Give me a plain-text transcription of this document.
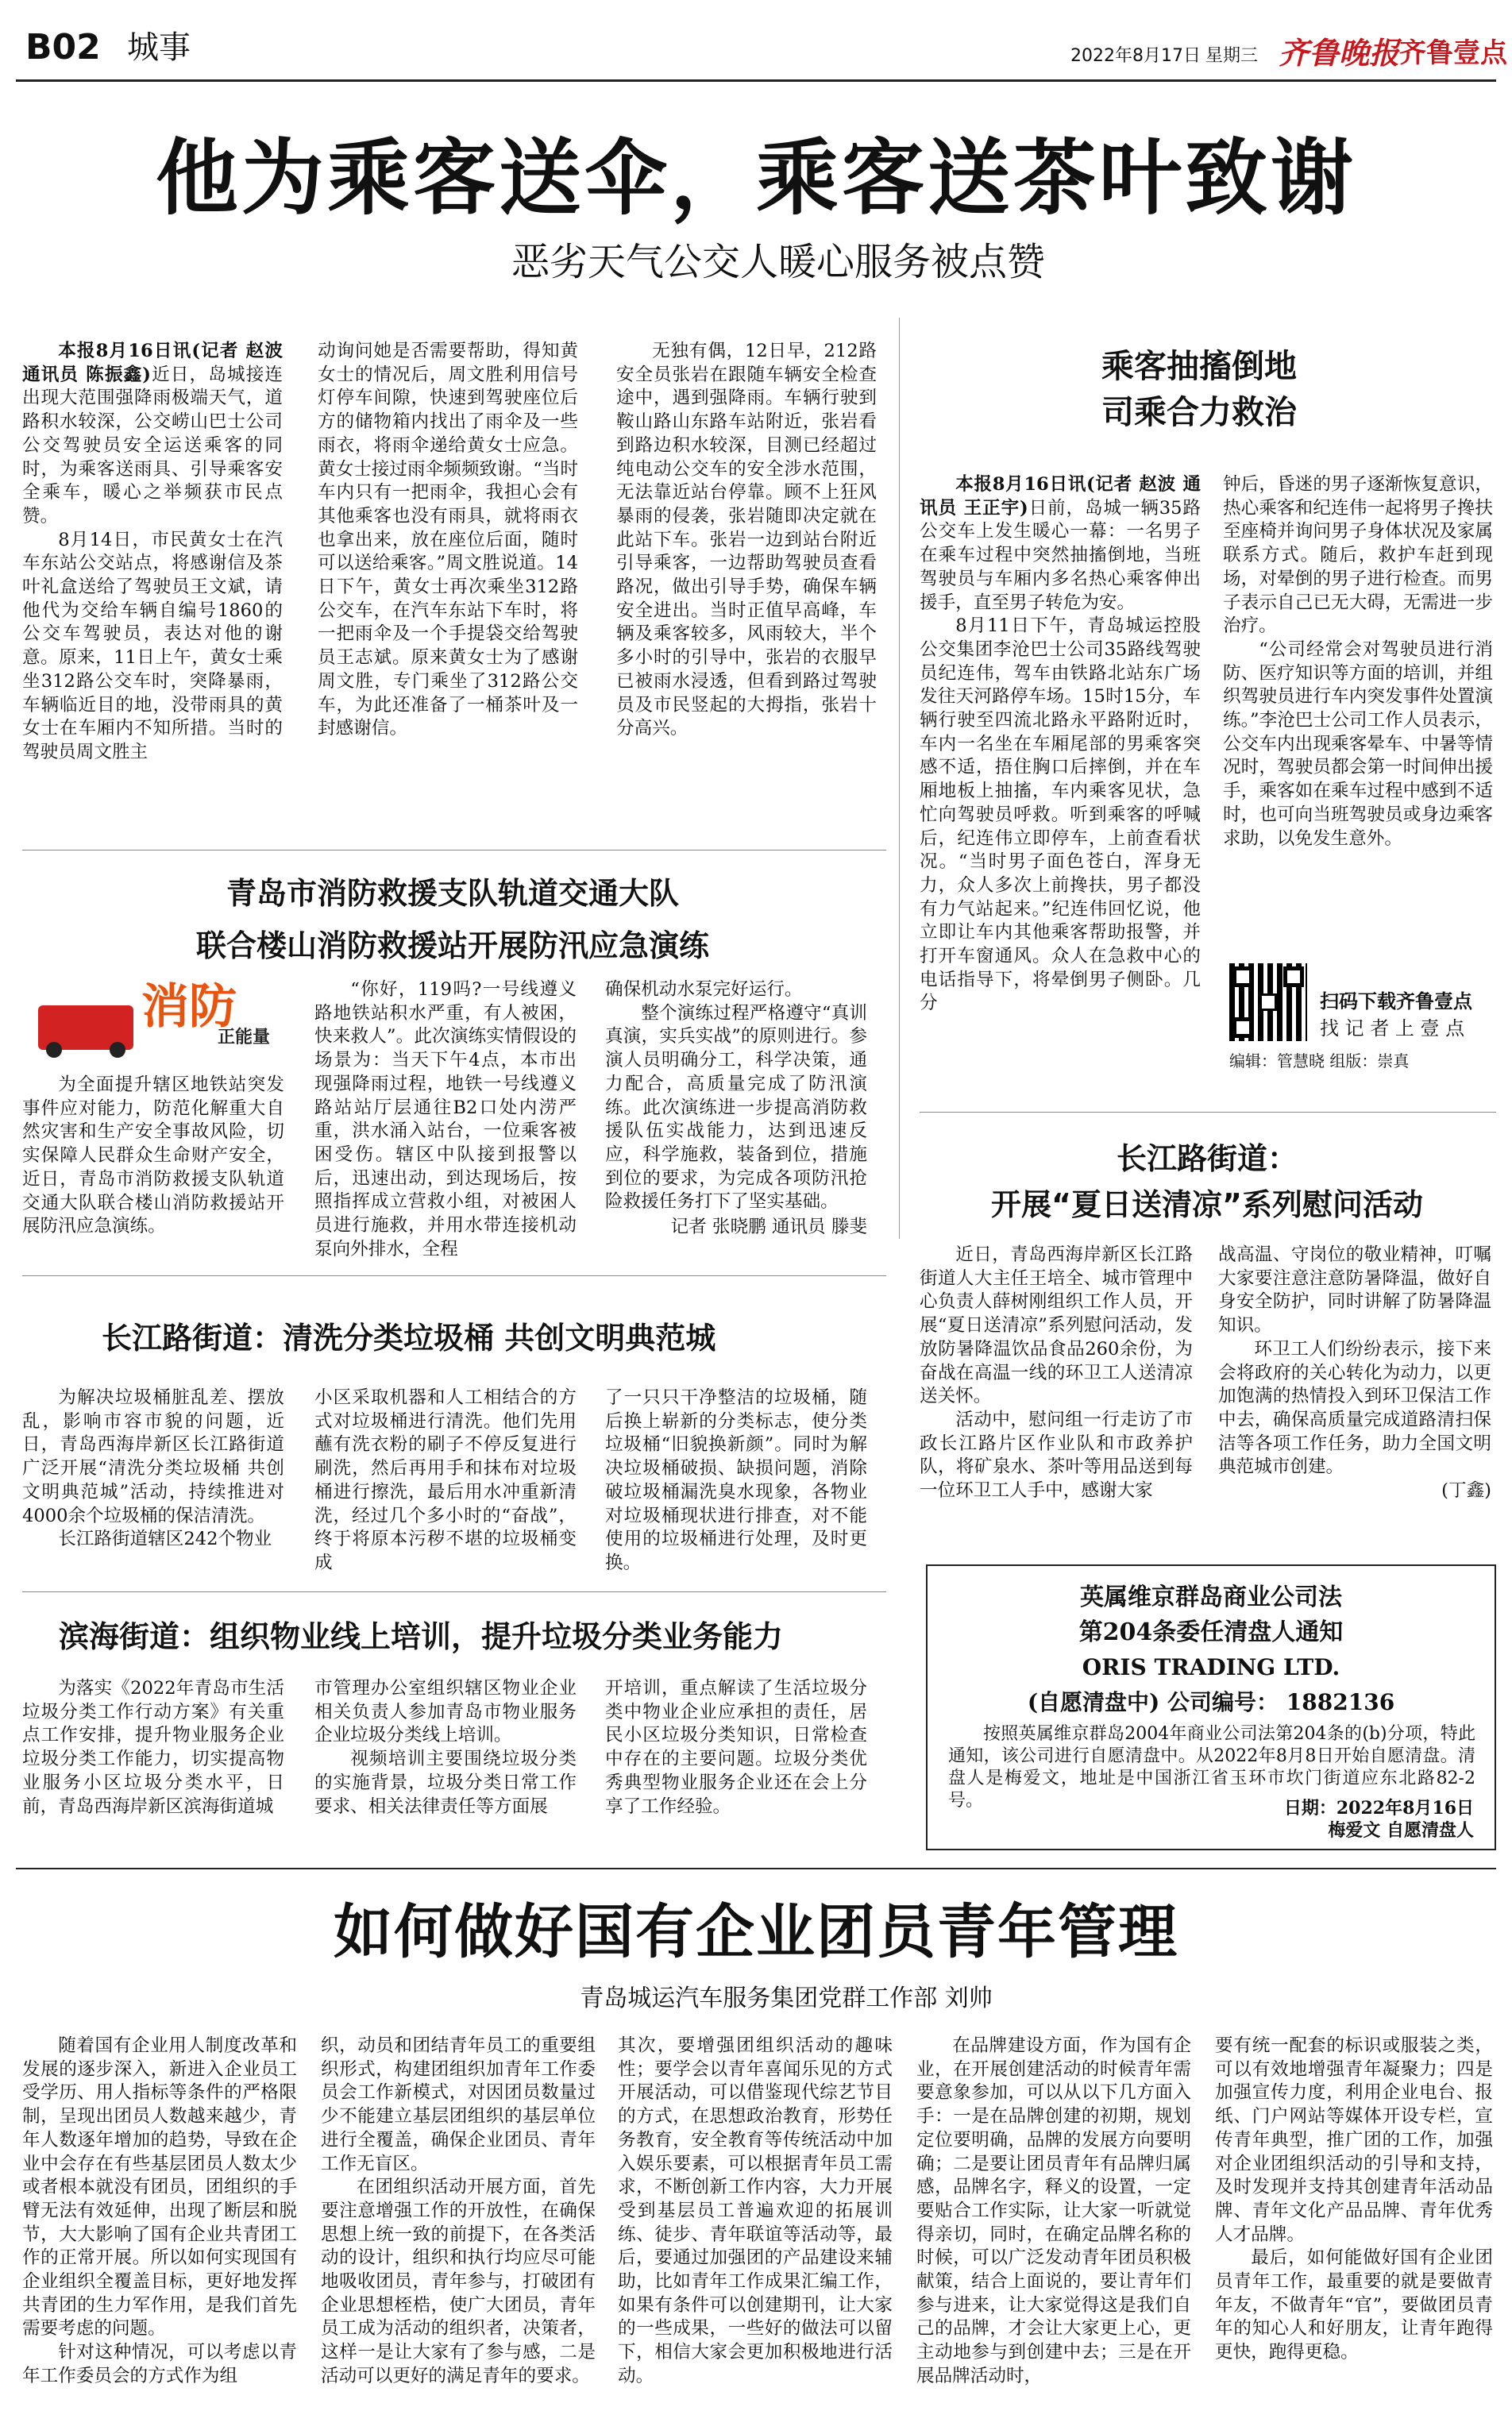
B02 城事	2022年8月17日 星期三 齐鲁晚报 齐鲁壹点
他为乘客送伞，乘客送茶叶致谢
恶劣天气公交人暖心服务被点赞

本报8月16日讯(记者 赵波 通讯员 陈振鑫)近日，岛城接连出现大范围强降雨极端天气，道路积水较深，公交崂山巴士公司公交驾驶员安全运送乘客的同时，为乘客送雨具、引导乘客安全乘车，暖心之举频获市民点赞。

8月14日，市民黄女士在汽车东站公交站点，将感谢信及茶叶礼盒送给了驾驶员王文斌，请他代为交给车辆自编号1860的公交车驾驶员，表达对他的谢意。原来，11日上午，黄女士乘坐312路公交车时，突降暴雨，车辆临近目的地，没带雨具的黄女士在车厢内不知所措。当时的驾驶员周文胜主

动询问她是否需要帮助，得知黄女士的情况后，周文胜利用信号灯停车间隙，快速到驾驶座位后方的储物箱内找出了雨伞及一些雨衣，将雨伞递给黄女士应急。黄女士接过雨伞频频致谢。“当时车内只有一把雨伞，我担心会有其他乘客也没有雨具，就将雨衣也拿出来，放在座位后面，随时可以送给乘客。”周文胜说道。14日下午，黄女士再次乘坐312路公交车，在汽车东站下车时，将一把雨伞及一个手提袋交给驾驶员王志斌。原来黄女士为了感谢周文胜，专门乘坐了312路公交车，为此还准备了一桶茶叶及一封感谢信。

无独有偶，12日早，212路安全员张岩在跟随车辆安全检查途中，遇到强降雨。车辆行驶到鞍山路山东路车站附近，张岩看到路边积水较深，目测已经超过纯电动公交车的安全涉水范围，无法靠近站台停靠。顾不上狂风暴雨的侵袭，张岩随即决定就在此站下车。张岩一边到站台附近引导乘客，一边帮助驾驶员查看路况，做出引导手势，确保车辆安全进出。当时正值早高峰，车辆及乘客较多，风雨较大，半个多小时的引导中，张岩的衣服早已被雨水浸透，但看到路过驾驶员及市民竖起的大拇指，张岩十分高兴。

乘客抽搐倒地
司乘合力救治

本报8月16日讯(记者 赵波 通讯员 王正宇)日前，岛城一辆35路公交车上发生暖心一幕：一名男子在乘车过程中突然抽搐倒地，当班驾驶员与车厢内多名热心乘客伸出援手，直至男子转危为安。

8月11日下午，青岛城运控股公交集团李沧巴士公司35路线驾驶员纪连伟，驾车由铁路北站东广场发往天河路停车场。15时15分，车辆行驶至四流北路永平路附近时，车内一名坐在车厢尾部的男乘客突感不适，捂住胸口后摔倒，并在车厢地板上抽搐，车内乘客见状，急忙向驾驶员呼救。听到乘客的呼喊后，纪连伟立即停车，上前查看状况。“当时男子面色苍白，浑身无力，众人多次上前搀扶，男子都没有力气站起来。”纪连伟回忆说，他立即让车内其他乘客帮助报警，并打开车窗通风。众人在急救中心的电话指导下，将晕倒男子侧卧。几分

钟后，昏迷的男子逐渐恢复意识，热心乘客和纪连伟一起将男子搀扶至座椅并询问男子身体状况及家属联系方式。随后，救护车赶到现场，对晕倒的男子进行检查。而男子表示自己已无大碍，无需进一步治疗。

“公司经常会对驾驶员进行消防、医疗知识等方面的培训，并组织驾驶员进行车内突发事件处置演练。”李沧巴士公司工作人员表示，公交车内出现乘客晕车、中暑等情况时，驾驶员都会第一时间伸出援手，乘客如在乘车过程中感到不适时，也可向当班驾驶员或身边乘客求助，以免发生意外。

扫码下载齐鲁壹点
找 记 者 上 壹 点
编辑：管慧晓 组版：崇真
青岛市消防救援支队轨道交通大队
联合楼山消防救援站开展防汛应急演练
消防
正能量

为全面提升辖区地铁站突发事件应对能力，防范化解重大自然灾害和生产安全事故风险，切实保障人民群众生命财产安全，近日，青岛市消防救援支队轨道交通大队联合楼山消防救援站开展防汛应急演练。

“你好，119吗?一号线遵义路地铁站积水严重，有人被困，快来救人”。此次演练实情假设的场景为：当天下午4点，本市出现强降雨过程，地铁一号线遵义路站站厅层通往B2口处内涝严重，洪水涌入站台，一位乘客被困受伤。辖区中队接到报警以后，迅速出动，到达现场后，按照指挥成立营救小组，对被困人员进行施救，并用水带连接机动泵向外排水，全程

确保机动水泵完好运行。

整个演练过程严格遵守“真训真演，实兵实战”的原则进行。参演人员明确分工，科学决策，通力配合，高质量完成了防汛演练。此次演练进一步提高消防救援队伍实战能力，达到迅速反应，科学施救，装备到位，措施到位的要求，为完成各项防汛抢险救援任务打下了坚实基础。

记者 张晓鹏 通讯员 滕斐
长江路街道：清洗分类垃圾桶 共创文明典范城

为解决垃圾桶脏乱差、摆放乱，影响市容市貌的问题，近日，青岛西海岸新区长江路街道广泛开展“清洗分类垃圾桶 共创文明典范城”活动，持续推进对4000余个垃圾桶的保洁清洗。

长江路街道辖区242个物业

小区采取机器和人工相结合的方式对垃圾桶进行清洗。他们先用蘸有洗衣粉的刷子不停反复进行刷洗，然后再用手和抹布对垃圾桶进行擦洗，最后用水冲重新清洗，经过几个多小时的“奋战”，终于将原本污秽不堪的垃圾桶变成

了一只只干净整洁的垃圾桶，随后换上崭新的分类标志，使分类垃圾桶“旧貌换新颜”。同时为解决垃圾桶破损、缺损问题，消除破垃圾桶漏洗臭水现象，各物业对垃圾桶现状进行排查，对不能使用的垃圾桶进行处理，及时更换。

长江路街道：
开展“夏日送清凉”系列慰问活动

近日，青岛西海岸新区长江路街道人大主任王培全、城市管理中心负责人薛树刚组织工作人员，开展“夏日送清凉”系列慰问活动，发放防暑降温饮品食品260余份，为奋战在高温一线的环卫工人送清凉送关怀。

活动中，慰问组一行走访了市政长江路片区作业队和市政养护队，将矿泉水、茶叶等用品送到每一位环卫工人手中，感谢大家

战高温、守岗位的敬业精神，叮嘱大家要注意注意防暑降温，做好自身安全防护，同时讲解了防暑降温知识。

环卫工人们纷纷表示，接下来会将政府的关心转化为动力，以更加饱满的热情投入到环卫保洁工作中去，确保高质量完成道路清扫保洁等各项工作任务，助力全国文明典范城市创建。

(丁鑫)
滨海街道：组织物业线上培训，提升垃圾分类业务能力

为落实《2022年青岛市生活垃圾分类工作行动方案》有关重点工作安排，提升物业服务企业垃圾分类工作能力，切实提高物业服务小区垃圾分类水平，日前，青岛西海岸新区滨海街道城

市管理办公室组织辖区物业企业相关负责人参加青岛市物业服务企业垃圾分类线上培训。

视频培训主要围绕垃圾分类的实施背景，垃圾分类日常工作要求、相关法律责任等方面展

开培训，重点解读了生活垃圾分类中物业企业应承担的责任，居民小区垃圾分类知识，日常检查中存在的主要问题。垃圾分类优秀典型物业服务企业还在会上分享了工作经验。

英属维京群岛商业公司法
第204条委任清盘人通知
ORIS TRADING LTD.
(自愿清盘中) 公司编号： 1882136

按照英属维京群岛2004年商业公司法第204条的(b)分项，特此通知，该公司进行自愿清盘中。从2022年8月8日开始自愿清盘。清盘人是梅爱文，地址是中国浙江省玉环市坎门街道应东北路82-2号。	日期：2022年8月16日
梅爱文 自愿清盘人
如何做好国有企业团员青年管理
青岛城运汽车服务集团党群工作部 刘帅

随着国有企业用人制度改革和发展的逐步深入，新进入企业员工受学历、用人指标等条件的严格限制，呈现出团员人数越来越少，青年人数逐年增加的趋势，导致在企业中会存在有些基层团员人数太少或者根本就没有团员，团组织的手臂无法有效延伸，出现了断层和脱节，大大影响了国有企业共青团工作的正常开展。所以如何实现国有企业组织全覆盖目标，更好地发挥共青团的生力军作用，是我们首先需要考虑的问题。

针对这种情况，可以考虑以青年工作委员会的方式作为组

织，动员和团结青年员工的重要组织形式，构建团组织加青年工作委员会工作新模式，对因团员数量过少不能建立基层团组织的基层单位进行全覆盖，确保企业团员、青年工作无盲区。

在团组织活动开展方面，首先要注意增强工作的开放性，在确保思想上统一致的前提下，在各类活动的设计，组织和执行均应尽可能地吸收团员，青年参与，打破团有企业思想桎梏，使广大团员，青年员工成为活动的组织者，决策者，这样一是让大家有了参与感，二是活动可以更好的满足青年的要求。

其次，要增强团组织活动的趣味性；要学会以青年喜闻乐见的方式开展活动，可以借鉴现代综艺节目的方式，在思想政治教育，形势任务教育，安全教育等传统活动中加入娱乐要素，可以根据青年员工需求，不断创新工作内容，大力开展受到基层员工普遍欢迎的拓展训练、徒步、青年联谊等活动等，最后，要通过加强团的产品建设来辅助，比如青年工作成果汇编工作，如果有条件可以创建期刊，让大家的一些成果，一些好的做法可以留下，相信大家会更加积极地进行活动。

在品牌建设方面，作为国有企业，在开展创建活动的时候青年需要意象参加，可以从以下几方面入手：一是在品牌创建的初期，规划定位要明确，品牌的发展方向要明确；二是要让团员青年有品牌归属感，品牌名字，释义的设置，一定要贴合工作实际，让大家一听就觉得亲切，同时，在确定品牌名称的时候，可以广泛发动青年团员积极献策，结合上面说的，要让青年们参与进来，让大家觉得这是我们自己的品牌，才会让大家更上心，更主动地参与到创建中去；三是在开展品牌活动时，

要有统一配套的标识或服装之类，可以有效地增强青年凝聚力；四是加强宣传力度，利用企业电台、报纸、门户网站等媒体开设专栏，宣传青年典型，推广团的工作，加强对企业团组织活动的引导和支持，及时发现并支持其创建青年活动品牌、青年文化产品品牌、青年优秀人才品牌。

最后，如何能做好国有企业团员青年工作，最重要的就是要做青年友，不做青年“官”，要做团员青年的知心人和好朋友，让青年跑得更快，跑得更稳。
